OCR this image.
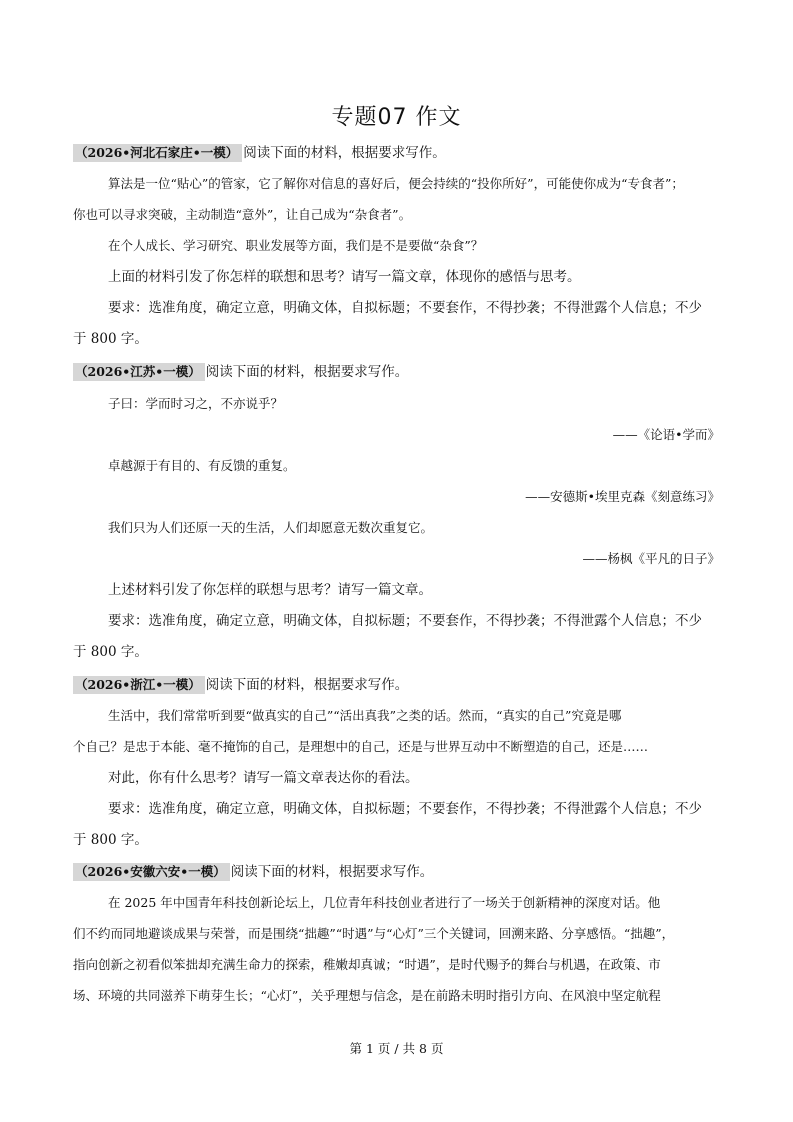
专题07 作文
（2026•河北石家庄•一模） 阅读下面的材料，根据要求写作。
算法是一位“贴心”的管家，它了解你对信息的喜好后，便会持续的“投你所好”，可能使你成为“专食者”；
你也可以寻求突破，主动制造“意外”，让自己成为“杂食者”。
在个人成长、学习研究、职业发展等方面，我们是不是要做“杂食”？
上面的材料引发了你怎样的联想和思考？请写一篇文章，体现你的感悟与思考。
要求：选准角度，确定立意，明确文体，自拟标题；不要套作，不得抄袭；不得泄露个人信息；不少
于 800 字。
（2026•江苏•一模） 阅读下面的材料，根据要求写作。
子曰：学而时习之，不亦说乎？
——《论语•学而》
卓越源于有目的、有反馈的重复。
——安德斯•埃里克森《刻意练习》
我们只为人们还原一天的生活，人们却愿意无数次重复它。
——杨枫《平凡的日子》
上述材料引发了你怎样的联想与思考？请写一篇文章。
要求：选准角度，确定立意，明确文体，自拟标题；不要套作，不得抄袭；不得泄露个人信息；不少
于 800 字。
（2026•浙江•一模） 阅读下面的材料，根据要求写作。
生活中，我们常常听到要“做真实的自己”“活出真我”之类的话。然而，“真实的自己”究竟是哪
个自己？是忠于本能、毫不掩饰的自己，是理想中的自己，还是与世界互动中不断塑造的自己，还是……
对此，你有什么思考？请写一篇文章表达你的看法。
要求：选准角度，确定立意，明确文体，自拟标题；不要套作，不得抄袭；不得泄露个人信息；不少
于 800 字。
（2026•安徽六安•一模） 阅读下面的材料，根据要求写作。
在 2025 年中国青年科技创新论坛上，几位青年科技创业者进行了一场关于创新精神的深度对话。他
们不约而同地避谈成果与荣誉，而是围绕“拙趣”“时遇”与“心灯”三个关键词，回溯来路、分享感悟。“拙趣”，
指向创新之初看似笨拙却充满生命力的探索，稚嫩却真诚；“时遇”，是时代赐予的舞台与机遇，在政策、市
场、环境的共同滋养下萌芽生长；“心灯”，关乎理想与信念，是在前路未明时指引方向、在风浪中坚定航程
第 1 页 / 共 8 页
